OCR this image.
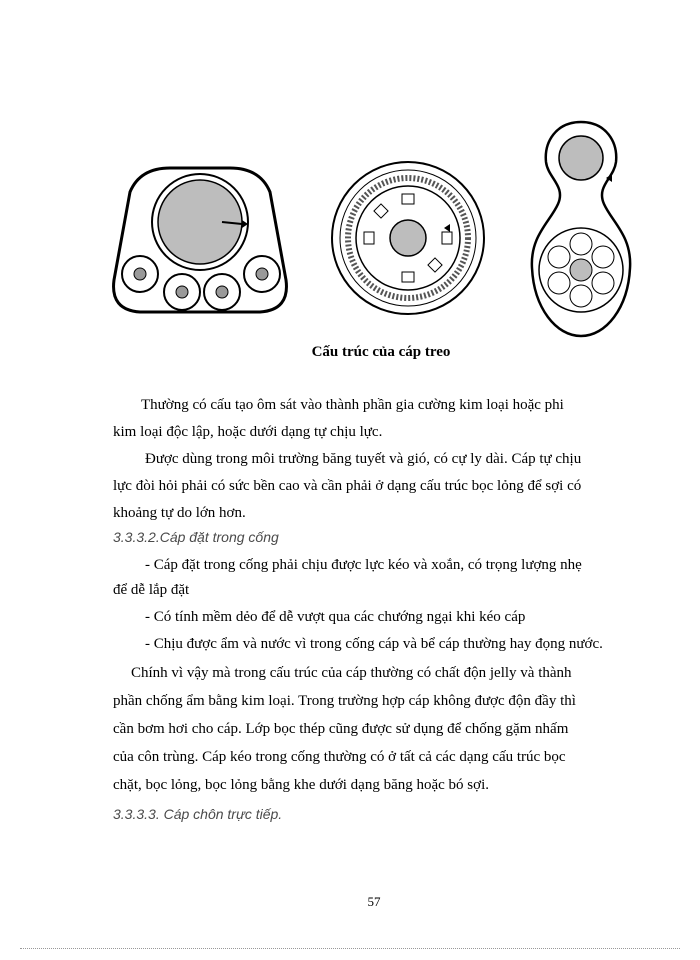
Cấu trúc của cáp treo

Thường có cấu tạo ôm sát vào thành phần gia cường kim loại hoặc phi

kim loại độc lập, hoặc dưới dạng tự chịu lực.

Được dùng trong môi trường băng tuyết và gió, có cự ly dài. Cáp tự chịu

lực đòi hỏi phải có sức bền cao và cần phải ở dạng cấu trúc bọc lỏng để sợi có

khoảng tự do lớn hơn.

3.3.3.2.Cáp đặt trong cống
- Cáp đặt trong cống phải chịu được lực kéo và xoắn, có trọng lượng nhẹ
để dễ lắp đặt
- Có tính mềm dẻo để dễ vượt qua các chướng ngại khi kéo cáp
- Chịu được ẩm và nước vì trong cống cáp và bể cáp thường hay đọng nước.

Chính vì vậy mà trong cấu trúc của cáp thường có chất độn jelly và thành

phần chống ẩm bằng kim loại. Trong trường hợp cáp không được độn đầy thì

cần bơm hơi cho cáp. Lớp bọc thép cũng được sử dụng để chống gặm nhấm

của côn trùng. Cáp kéo trong cống thường có ở tất cả các dạng cấu trúc bọc

chặt, bọc lỏng, bọc lỏng bằng khe dưới dạng băng hoặc bó sợi.

3.3.3.3. Cáp chôn trực tiếp.
57
